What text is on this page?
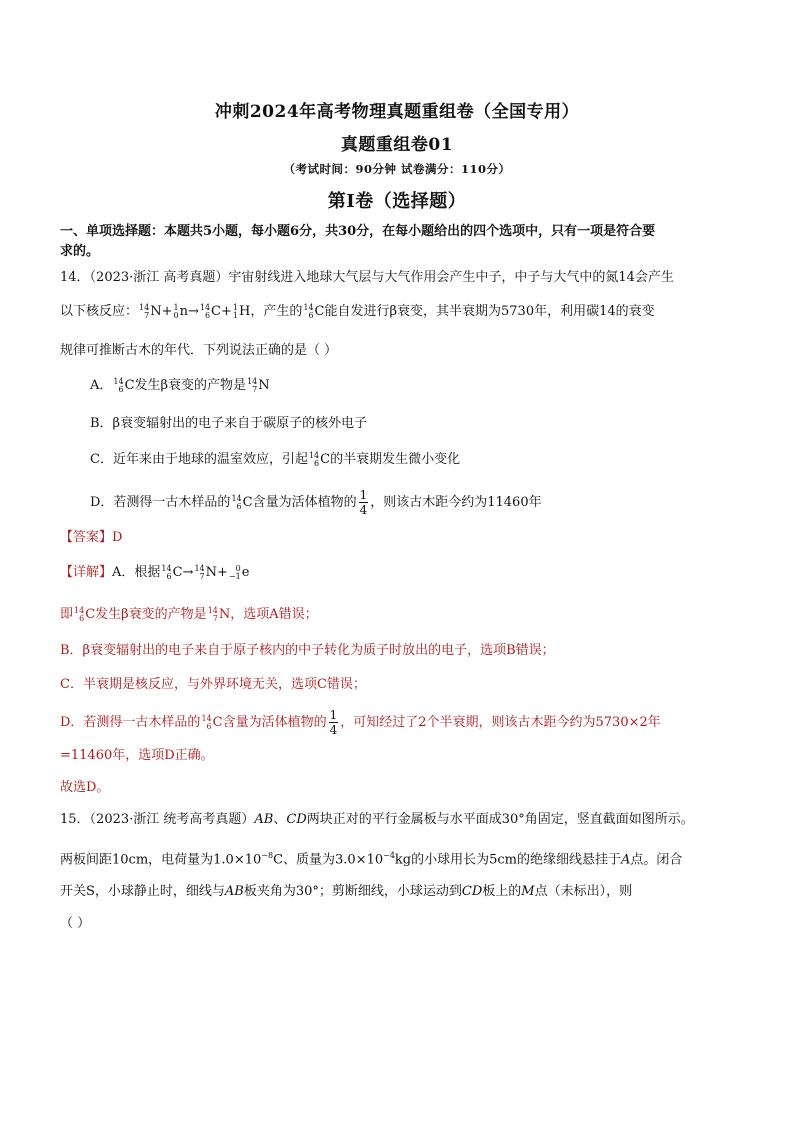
冲刺2024年高考物理真题重组卷（全国专用）
真题重组卷01
（考试时间：90分钟 试卷满分：110分）
第I卷（选择题）
一、单项选择题：本题共5小题，每小题6分，共30分，在每小题给出的四个选项中，只有一项是符合要
求的。
14．（2023·浙江 高考真题）宇宙射线进入地球大气层与大气作用会产生中子，中子与大气中的氮14会产生
以下核反应： 14
7 N+ 1
0 n→ 14
6 C+ 1
1 H，产生的 14
6 C能自发进行β衰变，其半衰期为5730年，利用碳14的衰变
规律可推断古木的年代．下列说法正确的是（ ）
A． 14
6 C发生β衰变的产物是 14
7 N
B．β衰变辐射出的电子来自于碳原子的核外电子
C．近年来由于地球的温室效应，引起 14
6 C的半衰期发生微小变化
D．若测得一古木样品的 14
6 C含量为活体植物的 $\frac{1}{4}$ ，则该古木距今约为11460年
【答案】D
【详解】A．根据 14
6 C→ 14
7 N+ 0
−1 e
即 14
6 C发生β衰变的产物是 14
7 N，选项A错误；
B．β衰变辐射出的电子来自于原子核内的中子转化为质子时放出的电子，选项B错误；
C．半衰期是核反应，与外界环境无关，选项C错误；
D．若测得一古木样品的 14
6 C含量为活体植物的 $\frac{1}{4}$ ，可知经过了2个半衰期，则该古木距今约为5730×2年
=11460年，选项D正确。
故选D。
15．（2023·浙江 统考高考真题）AB、CD两块正对的平行金属板与水平面成30°角固定，竖直截面如图所示。
两板间距10cm，电荷量为$1.0\times 10^{-8}C$、质量为$3.0\times 10^{-4}kg$的小球用长为5cm的绝缘细线悬挂于A点。闭合
开关S，小球静止时，细线与AB板夹角为30°；剪断细线，小球运动到CD板上的M点（未标出），则
（ ）
